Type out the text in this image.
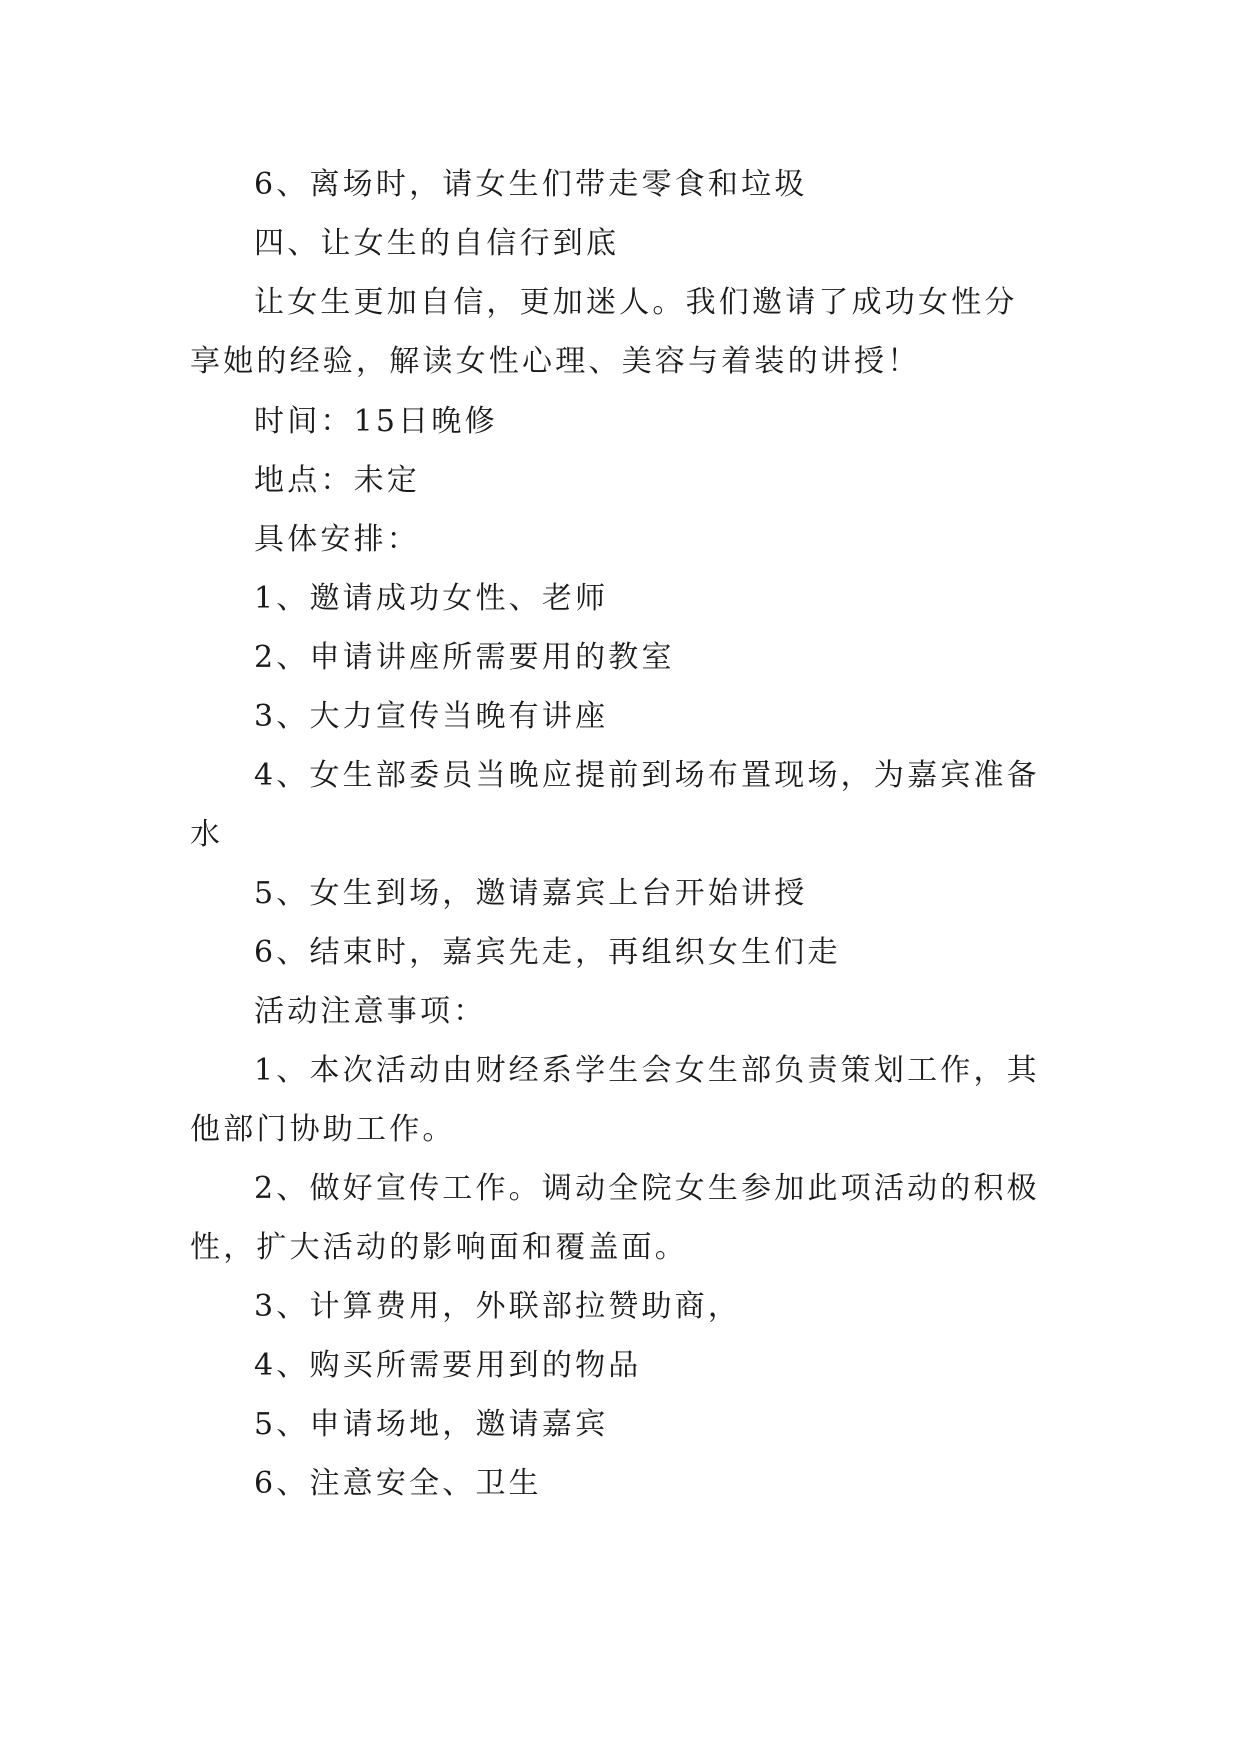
6、离场时，请女生们带走零食和垃圾

四、让女生的自信行到底

让女生更加自信，更加迷人。我们邀请了成功女性分享她的经验，解读女性心理、美容与着装的讲授！

时间：15日晚修

地点：未定

具体安排：

1、邀请成功女性、老师

2、申请讲座所需要用的教室

3、大力宣传当晚有讲座

4、女生部委员当晚应提前到场布置现场，为嘉宾准备水

5、女生到场，邀请嘉宾上台开始讲授

6、结束时，嘉宾先走，再组织女生们走

活动注意事项：

1、本次活动由财经系学生会女生部负责策划工作，其他部门协助工作。

2、做好宣传工作。调动全院女生参加此项活动的积极性，扩大活动的影响面和覆盖面。

3、计算费用，外联部拉赞助商，

4、购买所需要用到的物品

5、申请场地，邀请嘉宾

6、注意安全、卫生
